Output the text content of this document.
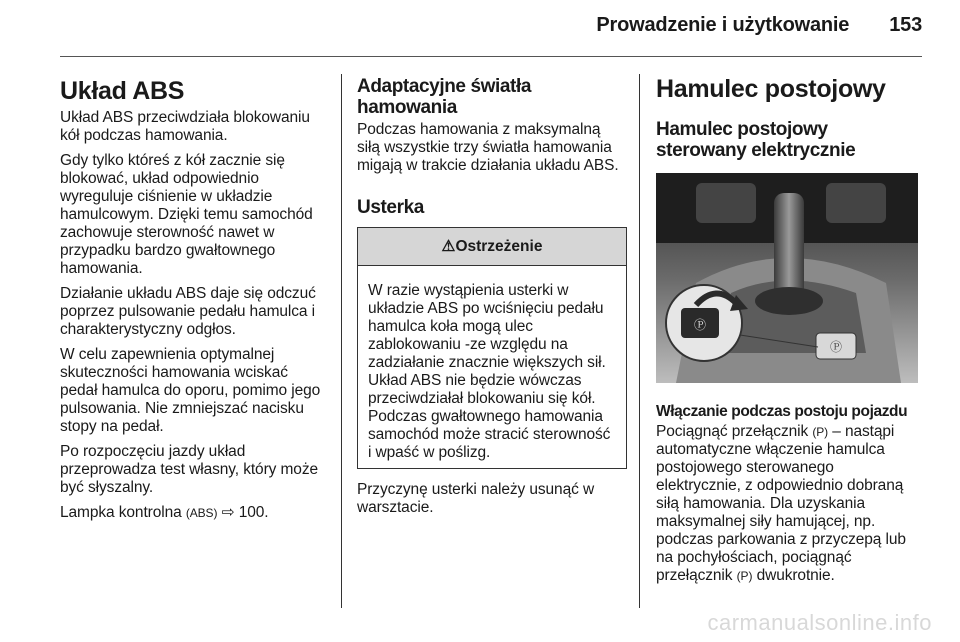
Prowadzenie i użytkowanie 153
Układ ABS

Układ ABS przeciwdziała blokowaniu kół podczas hamowania.

Gdy tylko któreś z kół zacznie się blokować, układ odpowiednio wyreguluje ciśnienie w układzie hamulcowym. Dzięki temu samochód zachowuje sterowność nawet w przypadku bardzo gwałtownego hamowania.

Działanie układu ABS daje się odczuć poprzez pulsowanie pedału hamulca i charakterystyczny odgłos.

W celu zapewnienia optymalnej skuteczności hamowania wciskać pedał hamulca do oporu, pomimo jego pulsowania. Nie zmniejszać nacisku stopy na pedał.

Po rozpoczęciu jazdy układ przeprowadza test własny, który może być słyszalny.

Lampka kontrolna (ABS) ⇨ 100.

Adaptacyjne światła hamowania

Podczas hamowania z maksymalną siłą wszystkie trzy światła hamowania migają w trakcie działania układu ABS.

Usterka
⚠Ostrzeżenie

W razie wystąpienia usterki w układzie ABS po wciśnięciu pedału hamulca koła mogą ulec zablokowaniu -ze względu na zadziałanie znacznie większych sił. Układ ABS nie będzie wówczas przeciwdziałał blokowaniu się kół. Podczas gwałtownego hamowania samochód może stracić sterowność i wpaść w poślizg.

Przyczynę usterki należy usunąć w warsztacie.

Hamulec postojowy
Hamulec postojowy sterowany elektrycznie
Ⓟ
Ⓟ
Włączanie podczas postoju pojazdu

Pociągnąć przełącznik (P) – nastąpi automatyczne włączenie hamulca postojowego sterowanego elektrycznie, z odpowiednio dobraną siłą hamowania. Dla uzyskania maksymalnej siły hamującej, np. podczas parkowania z przyczepą lub na pochyłościach, pociągnąć przełącznik (P) dwukrotnie.

carmanualsonline.info
